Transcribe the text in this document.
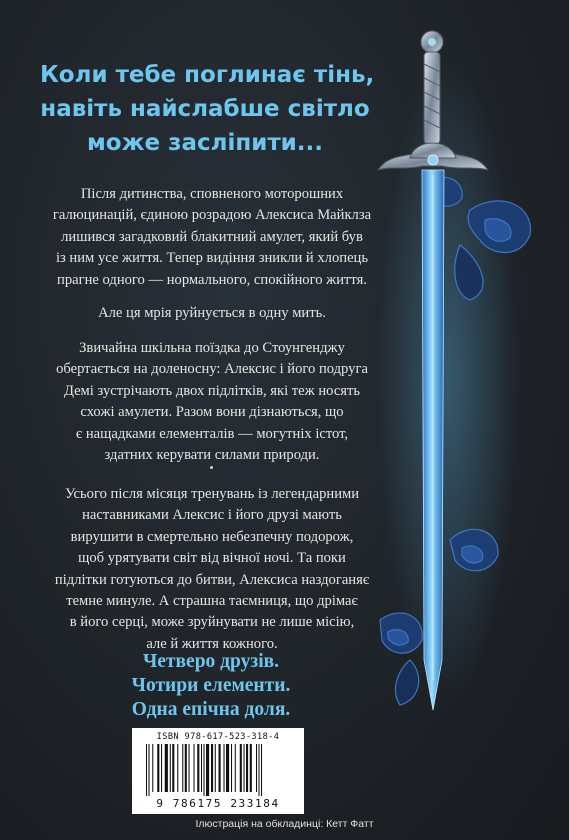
Коли тебе поглинає тінь,
навіть найслабше світло
може засліпити...
Після дитинства, сповненого моторошних
галюцинацій, єдиною розрадою Алексиса Майклза
лишився загадковий блакитний амулет, який був
із ним усе життя. Тепер видіння зникли й хлопець
прагне одного — нормального, спокійного життя.
Але ця мрія руйнується в одну мить.
Звичайна шкільна поїздка до Стоунгенджу
обертається на доленосну: Алексис і його подруга
Демі зустрічають двох підлітків, які теж носять
схожі амулети. Разом вони дізнаються, що
є нащадками елементалів — могутніх істот,
здатних керувати силами природи.
Усього після місяця тренувань із легендарними
наставниками Алексис і його друзі мають
вирушити в смертельно небезпечну подорож,
щоб урятувати світ від вічної ночі. Та поки
підлітки готуються до битви, Алексиса наздоганяє
темне минуле. А страшна таємниця, що дрімає
в його серці, може зруйнувати не лише місію,
але й життя кожного.
Четверо друзів.
Чотири елементи.
Одна епічна доля.
ISBN 978-617-523-318-4
9 786175 233184
Ілюстрація на обкладинці: Кетт Фатт
